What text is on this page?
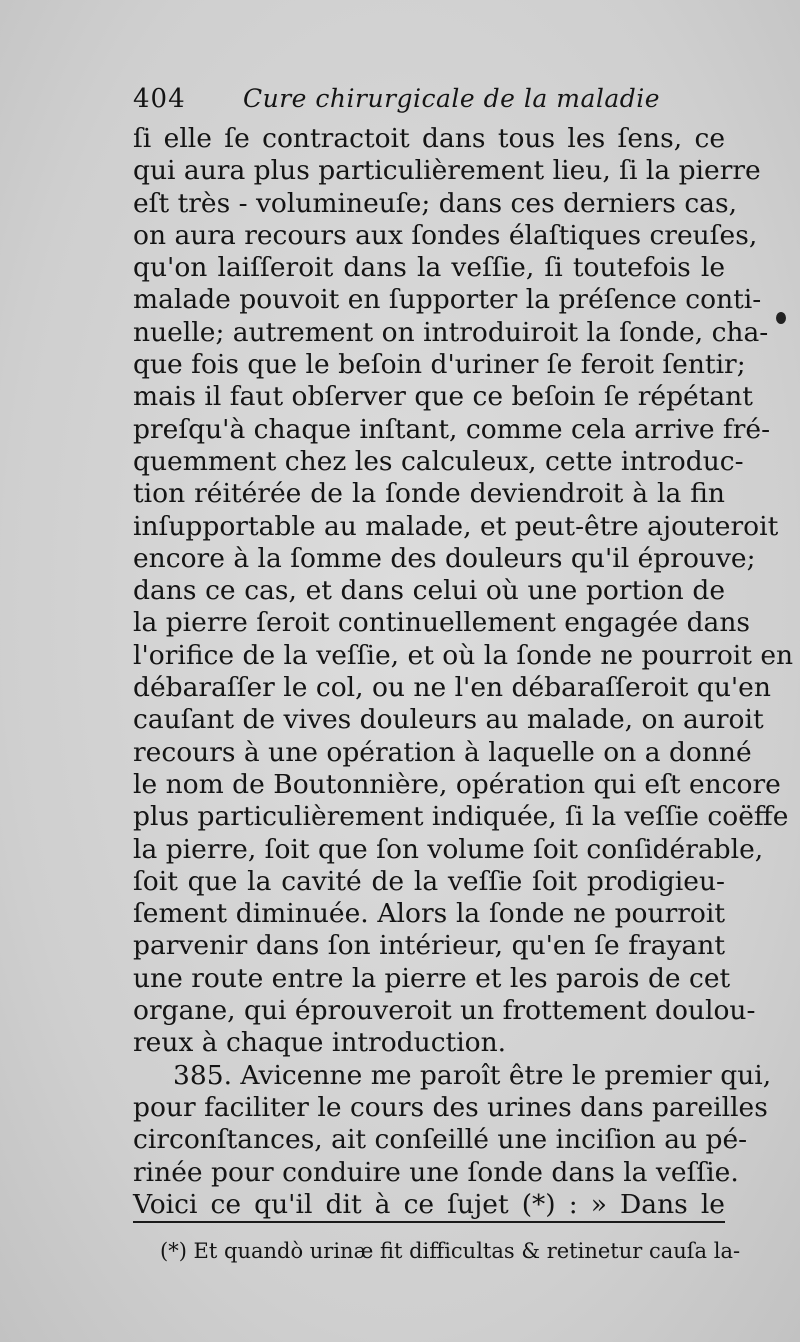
404 Cure chirurgicale de la maladie
ſi elle ſe contractoit dans tous les ſens, ce
qui aura plus particulièrement lieu, ſi la pierre
eſt très - volumineuſe; dans ces derniers cas,
on aura recours aux ſondes élaſtiques creuſes,
qu'on laiſſeroit dans la veſſie, ſi toutefois le
malade pouvoit en ſupporter la préſence conti-
nuelle; autrement on introduiroit la ſonde, cha-
que fois que le beſoin d'uriner ſe feroit ſentir;
mais il faut obſerver que ce beſoin ſe répétant
preſqu'à chaque inſtant, comme cela arrive fré-
quemment chez les calculeux, cette introduc-
tion réitérée de la ſonde deviendroit à la fin
inſupportable au malade, et peut-être ajouteroit
encore à la ſomme des douleurs qu'il éprouve;
dans ce cas, et dans celui où une portion de
la pierre ſeroit continuellement engagée dans
l'orifice de la veſſie, et où la ſonde ne pourroit en
débaraſſer le col, ou ne l'en débaraſſeroit qu'en
cauſant de vives douleurs au malade, on auroit
recours à une opération à laquelle on a donné
le nom de Boutonnière, opération qui eſt encore
plus particulièrement indiquée, ſi la veſſie coëffe
la pierre, ſoit que ſon volume ſoit conſidérable,
ſoit que la cavité de la veſſie ſoit prodigieu-
ſement diminuée. Alors la ſonde ne pourroit
parvenir dans ſon intérieur, qu'en ſe frayant
une route entre la pierre et les parois de cet
organe, qui éprouveroit un frottement doulou-
reux à chaque introduction.
385. Avicenne me paroît être le premier qui,
pour faciliter le cours des urines dans pareilles
circonſtances, ait conſeillé une inciſion au pé-
rinée pour conduire une ſonde dans la veſſie.
Voici ce qu'il dit à ce ſujet (*) : » Dans le
(*) Et quandò urinæ fit difficultas & retinetur cauſa la-
